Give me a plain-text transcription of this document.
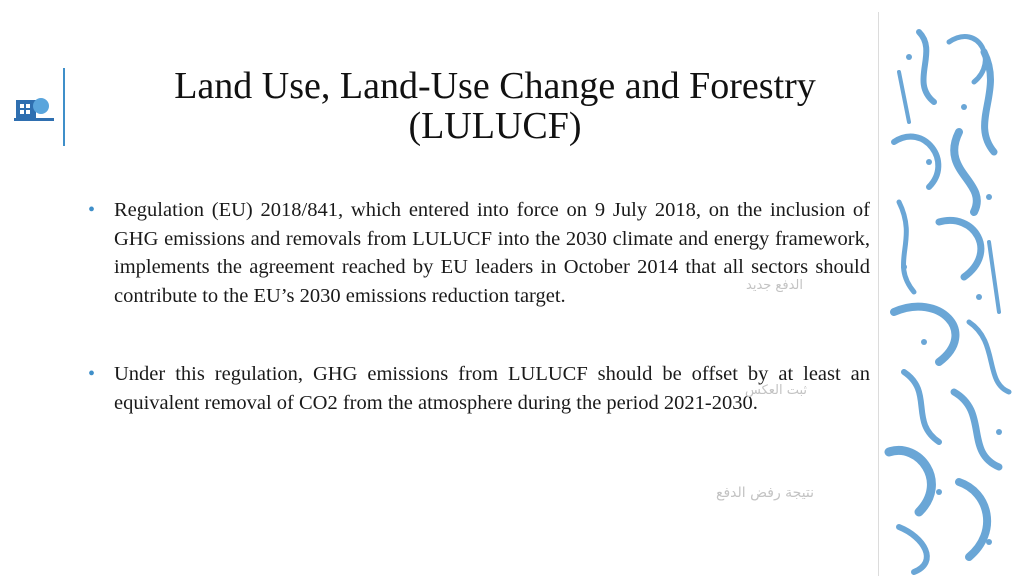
Land Use, Land-Use Change and Forestry (LULUCF)
• Regulation (EU) 2018/841, which entered into force on 9 July 2018, on the inclusion of GHG emissions and removals from LULUCF into the 2030 climate and energy framework, implements the agreement reached by EU leaders in October 2014 that all sectors should contribute to the EU’s 2030 emissions reduction target.
• Under this regulation, GHG emissions from LULUCF should be offset by at least an equivalent removal of CO2 from the atmosphere during the period 2021-2030.
الدفع جديد
ثبت العكس
نتيجة رفض الدفع
